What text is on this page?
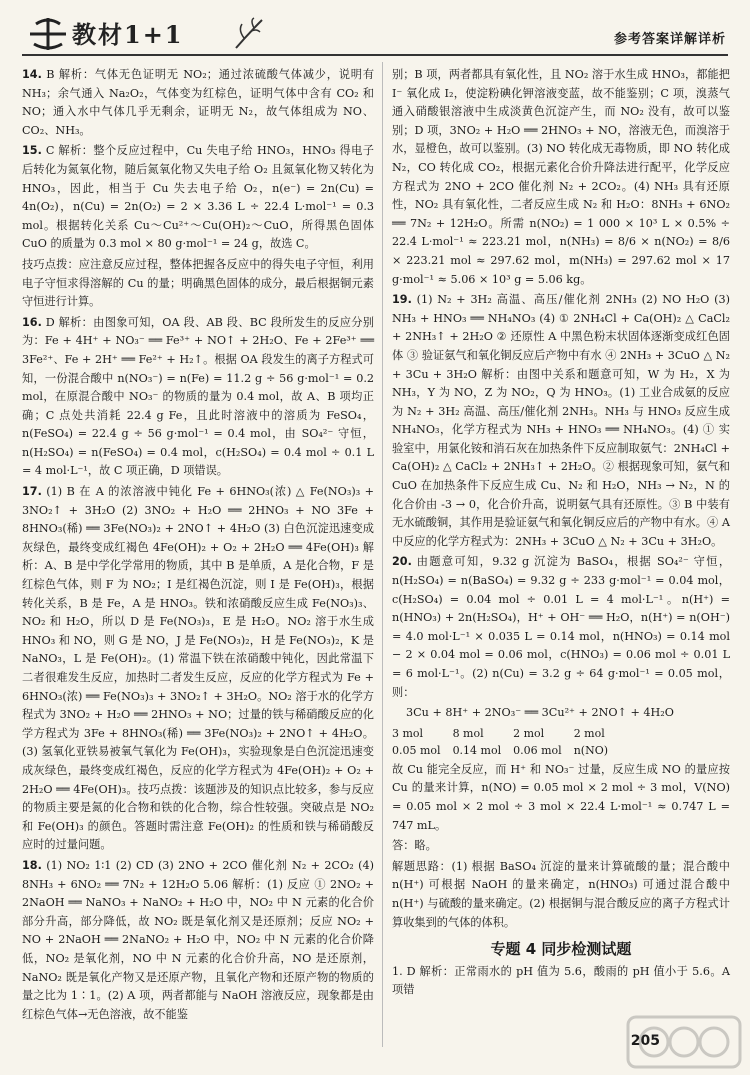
教材1+1	参考答案详解详析

14. B 解析：气体无色证明无 NO₂；通过浓硫酸气体减少，说明有 NH₃；余气通入 Na₂O₂，气体变为红棕色，证明气体中含有 CO₂ 和 NO；通入水中气体几乎无剩余，证明无 N₂，故气体组成为 NO、CO₂、NH₃。

15. C 解析：整个反应过程中，Cu 失电子给 HNO₃，HNO₃ 得电子后转化为氮氧化物，随后氮氧化物又失电子给 O₂ 且氮氧化物又转化为 HNO₃，因此，相当于 Cu 失去电子给 O₂，n(e⁻) = 2n(Cu) = 4n(O₂)，n(Cu) = 2n(O₂) = 2 × 3.36 L ÷ 22.4 L·mol⁻¹ = 0.3 mol。根据转化关系 Cu～Cu²⁺～Cu(OH)₂～CuO，所得黑色固体 CuO 的质量为 0.3 mol × 80 g·mol⁻¹ = 24 g，故选 C。

技巧点拨：应注意反应过程，整体把握各反应中的得失电子守恒，利用电子守恒求得溶解的 Cu 的量；明确黑色固体的成分，最后根据铜元素守恒进行计算。

16. D 解析：由图象可知，OA 段、AB 段、BC 段所发生的反应分别为：Fe + 4H⁺ + NO₃⁻ ══ Fe³⁺ + NO↑ + 2H₂O、Fe + 2Fe³⁺ ══ 3Fe²⁺、Fe + 2H⁺ ══ Fe²⁺ + H₂↑。根据 OA 段发生的离子方程式可知，一份混合酸中 n(NO₃⁻) = n(Fe) = 11.2 g ÷ 56 g·mol⁻¹ = 0.2 mol，在原混合酸中 NO₃⁻ 的物质的量为 0.4 mol，故 A、B 项均正确；C 点处共消耗 22.4 g Fe，且此时溶液中的溶质为 FeSO₄，n(FeSO₄) = 22.4 g ÷ 56 g·mol⁻¹ = 0.4 mol，由 SO₄²⁻ 守恒，n(H₂SO₄) = n(FeSO₄) = 0.4 mol，c(H₂SO₄) = 0.4 mol ÷ 0.1 L = 4 mol·L⁻¹，故 C 项正确，D 项错误。

17. (1) B 在 A 的浓溶液中钝化 Fe + 6HNO₃(浓) △ Fe(NO₃)₃ + 3NO₂↑ + 3H₂O (2) 3NO₂ + H₂O ══ 2HNO₃ + NO 3Fe + 8HNO₃(稀) ══ 3Fe(NO₃)₂ + 2NO↑ + 4H₂O (3) 白色沉淀迅速变成灰绿色，最终变成红褐色 4Fe(OH)₂ + O₂ + 2H₂O ══ 4Fe(OH)₃ 解析：A、B 是中学化学常用的物质，其中 B 是单质，A 是化合物，F 是红棕色气体，则 F 为 NO₂；I 是红褐色沉淀，则 I 是 Fe(OH)₃，根据转化关系，B 是 Fe，A 是 HNO₃。铁和浓硝酸反应生成 Fe(NO₃)₃、NO₂ 和 H₂O，所以 D 是 Fe(NO₃)₃，E 是 H₂O。NO₂ 溶于水生成 HNO₃ 和 NO，则 G 是 NO，J 是 Fe(NO₃)₂，H 是 Fe(NO₃)₂，K 是 NaNO₃，L 是 Fe(OH)₂。(1) 常温下铁在浓硝酸中钝化，因此常温下二者很难发生反应，加热时二者发生反应，反应的化学方程式为 Fe + 6HNO₃(浓) ══ Fe(NO₃)₃ + 3NO₂↑ + 3H₂O。NO₂ 溶于水的化学方程式为 3NO₂ + H₂O ══ 2HNO₃ + NO；过量的铁与稀硝酸反应的化学方程式为 3Fe + 8HNO₃(稀) ══ 3Fe(NO₃)₂ + 2NO↑ + 4H₂O。(3) 氢氧化亚铁易被氧气氧化为 Fe(OH)₃，实验现象是白色沉淀迅速变成灰绿色，最终变成红褐色，反应的化学方程式为 4Fe(OH)₂ + O₂ + 2H₂O ══ 4Fe(OH)₃。技巧点拨：该题涉及的知识点比较多，参与反应的物质主要是氮的化合物和铁的化合物，综合性较强。突破点是 NO₂ 和 Fe(OH)₃ 的颜色。答题时需注意 Fe(OH)₂ 的性质和铁与稀硝酸反应时的过量问题。

18. (1) NO₂ 1∶1 (2) CD (3) 2NO + 2CO 催化剂 N₂ + 2CO₂ (4) 8NH₃ + 6NO₂ ══ 7N₂ + 12H₂O 5.06 解析：(1) 反应 ① 2NO₂ + 2NaOH ══ NaNO₃ + NaNO₂ + H₂O 中，NO₂ 中 N 元素的化合价部分升高，部分降低，故 NO₂ 既是氧化剂又是还原剂；反应 NO₂ + NO + 2NaOH ══ 2NaNO₂ + H₂O 中，NO₂ 中 N 元素的化合价降低，NO₂ 是氧化剂，NO 中 N 元素的化合价升高，NO 是还原剂，NaNO₂ 既是氧化产物又是还原产物，且氧化产物和还原产物的物质的量之比为 1∶1。(2) A 项，两者都能与 NaOH 溶液反应，现象都是由红棕色气体→无色溶液，故不能鉴

别；B 项，两者都具有氧化性，且 NO₂ 溶于水生成 HNO₃，都能把 I⁻ 氧化成 I₂，使淀粉碘化钾溶液变蓝，故不能鉴别；C 项，溴蒸气通入硝酸银溶液中生成淡黄色沉淀产生，而 NO₂ 没有，故可以鉴别；D 项，3NO₂ + H₂O ══ 2HNO₃ + NO，溶液无色，而溴溶于水，显橙色，故可以鉴别。(3) NO 转化成无毒物质，即 NO 转化成 N₂，CO 转化成 CO₂，根据元素化合价升降法进行配平，化学反应方程式为 2NO + 2CO 催化剂 N₂ + 2CO₂。(4) NH₃ 具有还原性，NO₂ 具有氧化性，二者反应生成 N₂ 和 H₂O：8NH₃ + 6NO₂ ══ 7N₂ + 12H₂O。所需 n(NO₂) = 1 000 × 10³ L × 0.5% ÷ 22.4 L·mol⁻¹ ≈ 223.21 mol，n(NH₃) = 8/6 × n(NO₂) = 8/6 × 223.21 mol ≈ 297.62 mol，m(NH₃) = 297.62 mol × 17 g·mol⁻¹ ≈ 5.06 × 10³ g = 5.06 kg。

19. (1) N₂ + 3H₂ 高温、高压/催化剂 2NH₃ (2) NO H₂O (3) NH₃ + HNO₃ ══ NH₄NO₃ (4) ① 2NH₄Cl + Ca(OH)₂ △ CaCl₂ + 2NH₃↑ + 2H₂O ② 还原性 A 中黑色粉末状固体逐渐变成红色固体 ③ 验证氨气和氧化铜反应后产物中有水 ④ 2NH₃ + 3CuO △ N₂ + 3Cu + 3H₂O 解析：由图中关系和题意可知，W 为 H₂，X 为 NH₃，Y 为 NO，Z 为 NO₂，Q 为 HNO₃。(1) 工业合成氨的反应为 N₂ + 3H₂ 高温、高压/催化剂 2NH₃。NH₃ 与 HNO₃ 反应生成 NH₄NO₃，化学方程式为 NH₃ + HNO₃ ══ NH₄NO₃。(4) ① 实验室中，用氯化铵和消石灰在加热条件下反应制取氨气：2NH₄Cl + Ca(OH)₂ △ CaCl₂ + 2NH₃↑ + 2H₂O。② 根据现象可知，氨气和 CuO 在加热条件下反应生成 Cu、N₂ 和 H₂O，NH₃ → N₂，N 的化合价由 -3 → 0，化合价升高，说明氨气具有还原性。③ B 中装有无水硫酸铜，其作用是验证氨气和氧化铜反应后的产物中有水。④ A 中反应的化学方程式为：2NH₃ + 3CuO △ N₂ + 3Cu + 3H₂O。

20. 由题意可知，9.32 g 沉淀为 BaSO₄，根据 SO₄²⁻ 守恒，n(H₂SO₄) = n(BaSO₄) = 9.32 g ÷ 233 g·mol⁻¹ = 0.04 mol，c(H₂SO₄) = 0.04 mol ÷ 0.01 L = 4 mol·L⁻¹。n(H⁺) = n(HNO₃) + 2n(H₂SO₄)，H⁺ + OH⁻ ══ H₂O，n(H⁺) = n(OH⁻) = 4.0 mol·L⁻¹ × 0.035 L = 0.14 mol，n(HNO₃) = 0.14 mol − 2 × 0.04 mol = 0.06 mol，c(HNO₃) = 0.06 mol ÷ 0.01 L = 6 mol·L⁻¹。(2) n(Cu) = 3.2 g ÷ 64 g·mol⁻¹ = 0.05 mol，则：

3Cu + 8H⁺ + 2NO₃⁻ ══ 3Cu²⁺ + 2NO↑ + 4H₂O

3 mol	8 mol	2 mol	2 mol
0.05 mol	0.14 mol	0.06 mol	n(NO)

故 Cu 能完全反应，而 H⁺ 和 NO₃⁻ 过量，反应生成 NO 的量应按 Cu 的量来计算，n(NO) = 0.05 mol × 2 mol ÷ 3 mol，V(NO) = 0.05 mol × 2 mol ÷ 3 mol × 22.4 L·mol⁻¹ ≈ 0.747 L = 747 mL。

答：略。

解题思路：(1) 根据 BaSO₄ 沉淀的量来计算硫酸的量；混合酸中 n(H⁺) 可根据 NaOH 的量来确定，n(HNO₃) 可通过混合酸中 n(H⁺) 与硫酸的量来确定。(2) 根据铜与混合酸反应的离子方程式计算收集到的气体的体积。

专题 4 同步检测试题

1. D 解析：正常雨水的 pH 值为 5.6，酸雨的 pH 值小于 5.6。A 项错

205
